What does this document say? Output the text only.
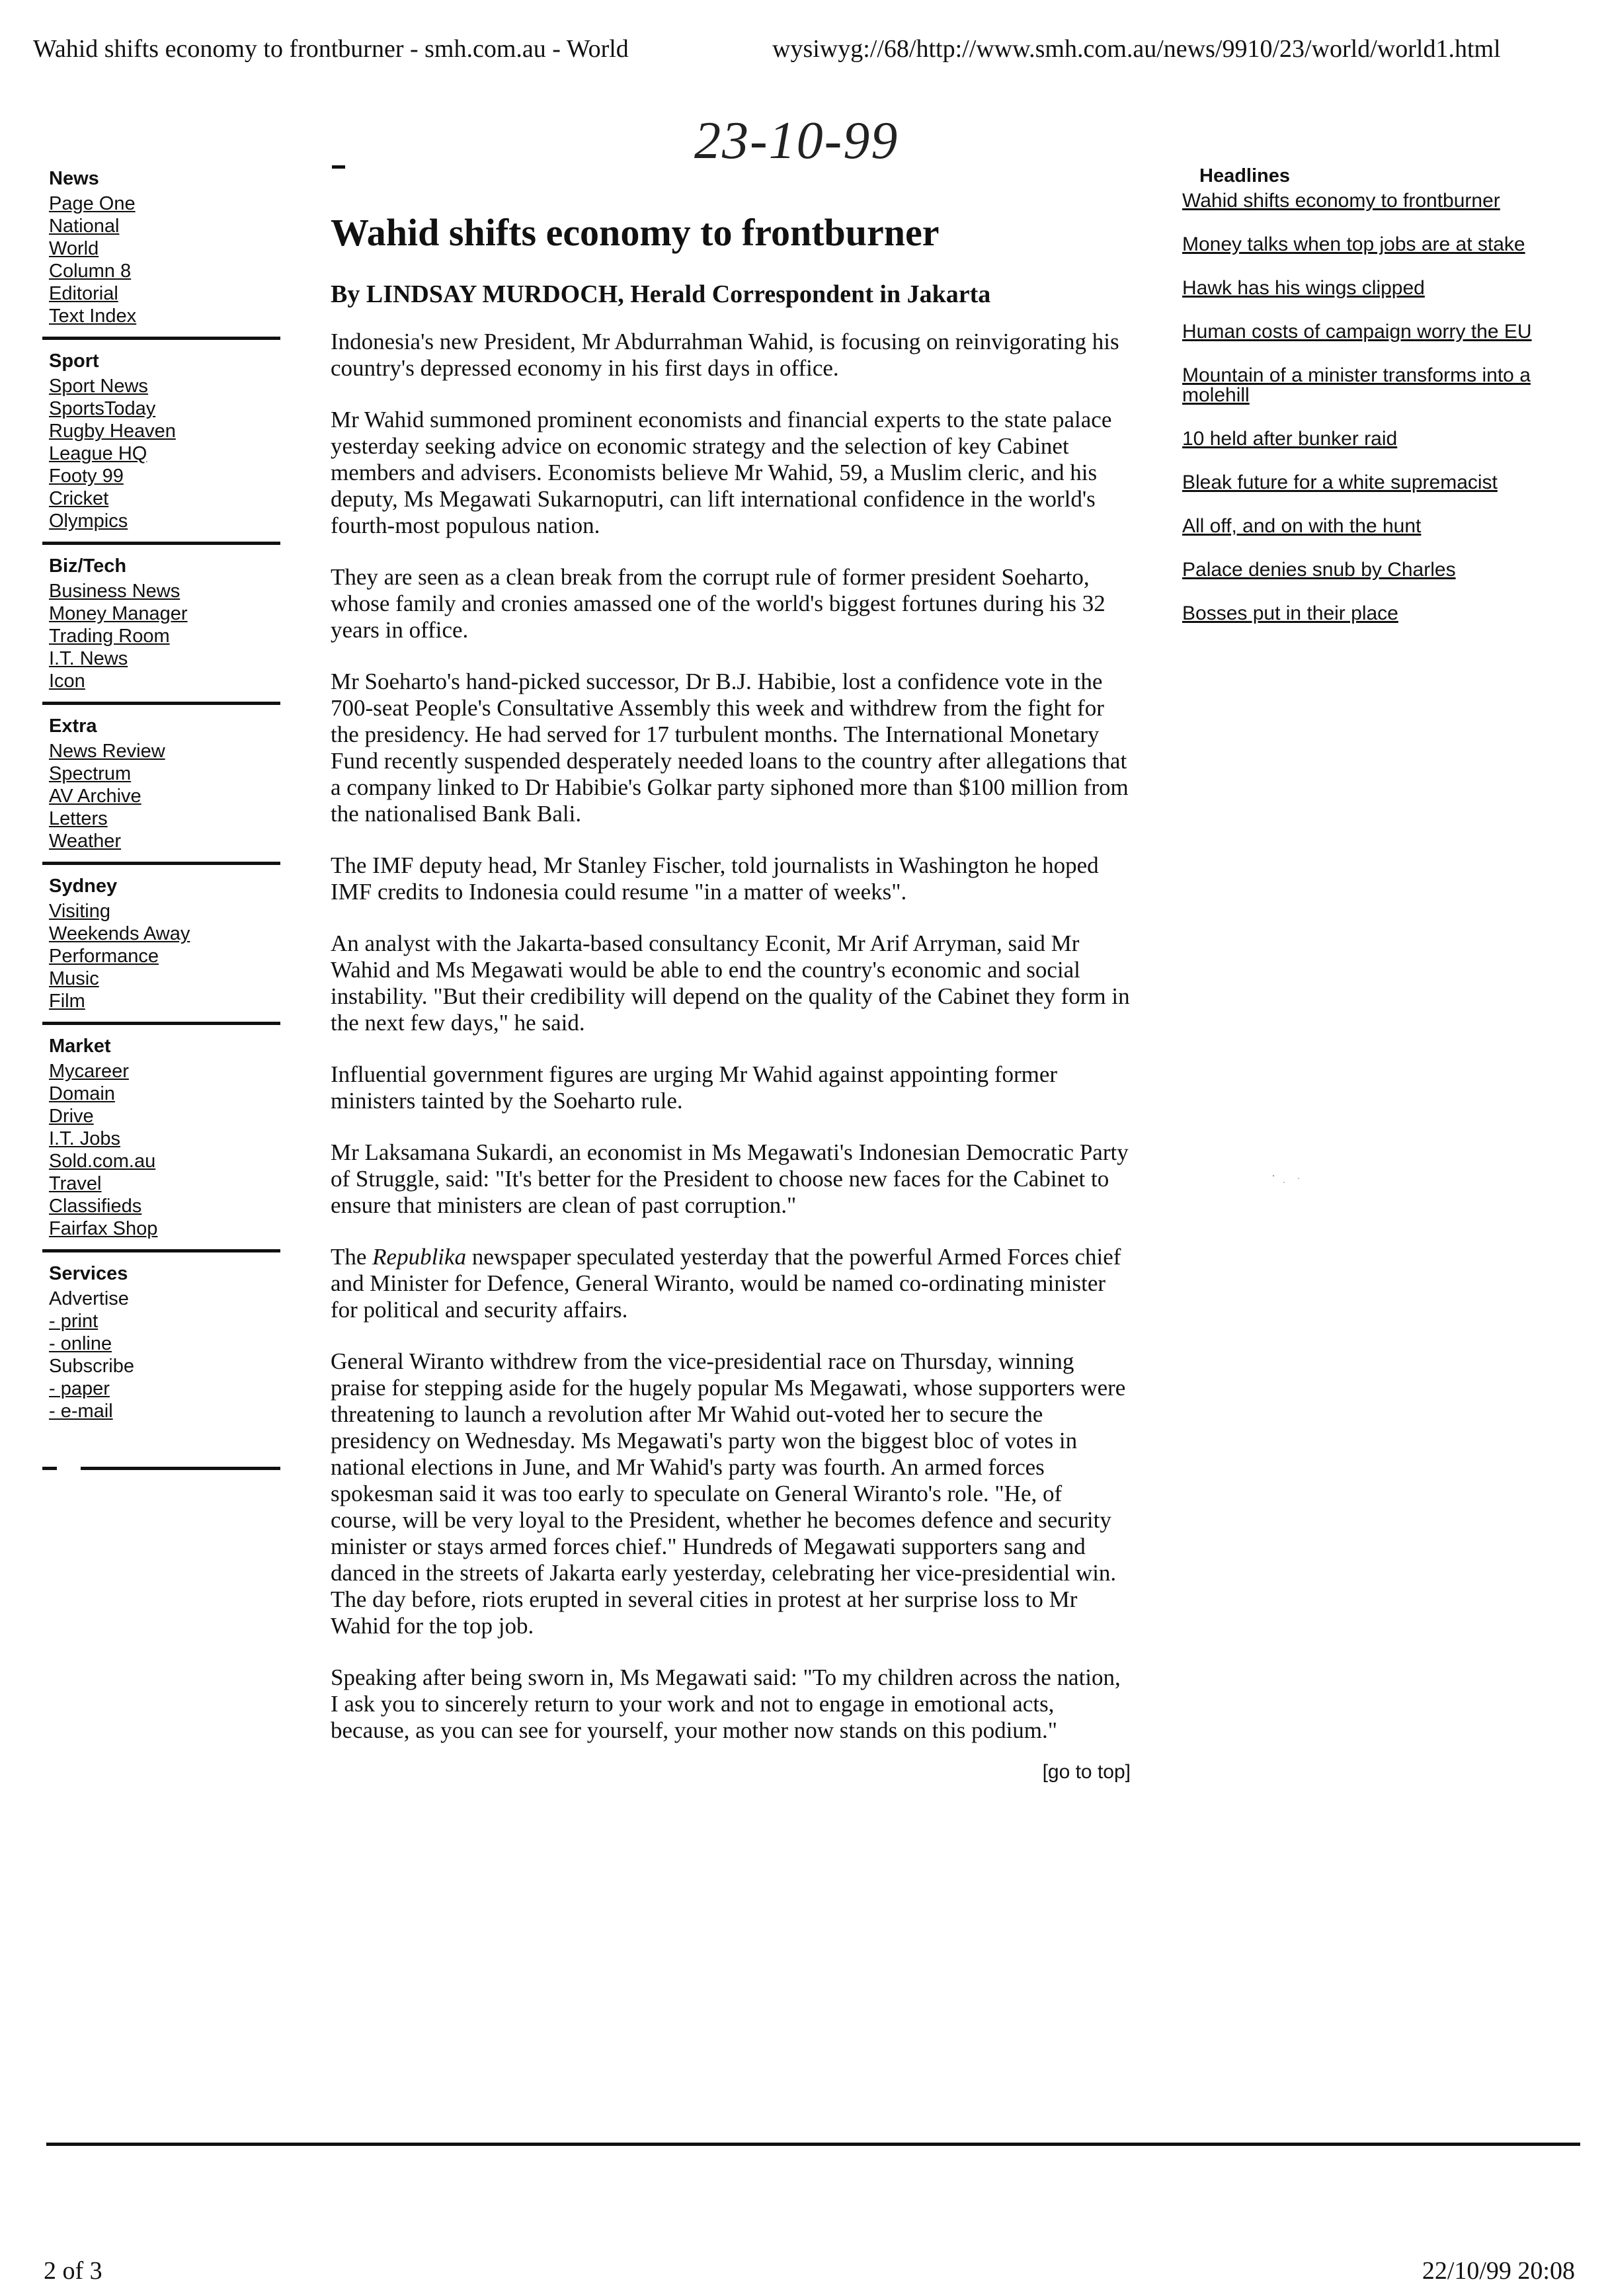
Wahid shifts economy to frontburner - smh.com.au - World	wysiwyg://68/http://www.smh.com.au/news/9910/23/world/world1.html
23-10-99
News
Page One
National
World
Column 8
Editorial
Text Index
Sport
Sport News
SportsToday
Rugby Heaven
League HQ
Footy 99
Cricket
Olympics
Biz/Tech
Business News
Money Manager
Trading Room
I.T. News
Icon
Extra
News Review
Spectrum
AV Archive
Letters
Weather
Sydney
Visiting
Weekends Away
Performance
Music
Film
Market
Mycareer
Domain
Drive
I.T. Jobs
Sold.com.au
Travel
Classifieds
Fairfax Shop
Services
Advertise
- print
- online
Subscribe
- paper
- e-mail
Wahid shifts economy to frontburner
By LINDSAY MURDOCH, Herald Correspondent in Jakarta

Indonesia's new President, Mr Abdurrahman Wahid, is focusing on reinvigorating his country's depressed economy in his first days in office.

Mr Wahid summoned prominent economists and financial experts to the state palace yesterday seeking advice on economic strategy and the selection of key Cabinet members and advisers. Economists believe Mr Wahid, 59, a Muslim cleric, and his deputy, Ms Megawati Sukarnoputri, can lift international confidence in the world's fourth-most populous nation.

They are seen as a clean break from the corrupt rule of former president Soeharto, whose family and cronies amassed one of the world's biggest fortunes during his 32 years in office.

Mr Soeharto's hand-picked successor, Dr B.J. Habibie, lost a confidence vote in the 700-seat People's Consultative Assembly this week and withdrew from the fight for the presidency. He had served for 17 turbulent months. The International Monetary Fund recently suspended desperately needed loans to the country after allegations that a company linked to Dr Habibie's Golkar party siphoned more than $100 million from the nationalised Bank Bali.

The IMF deputy head, Mr Stanley Fischer, told journalists in Washington he hoped IMF credits to Indonesia could resume "in a matter of weeks".

An analyst with the Jakarta-based consultancy Econit, Mr Arif Arryman, said Mr Wahid and Ms Megawati would be able to end the country's economic and social instability. "But their credibility will depend on the quality of the Cabinet they form in the next few days," he said.

Influential government figures are urging Mr Wahid against appointing former ministers tainted by the Soeharto rule.

Mr Laksamana Sukardi, an economist in Ms Megawati's Indonesian Democratic Party of Struggle, said: "It's better for the President to choose new faces for the Cabinet to ensure that ministers are clean of past corruption."

The Republika newspaper speculated yesterday that the powerful Armed Forces chief and Minister for Defence, General Wiranto, would be named co-ordinating minister for political and security affairs.

General Wiranto withdrew from the vice-presidential race on Thursday, winning praise for stepping aside for the hugely popular Ms Megawati, whose supporters were threatening to launch a revolution after Mr Wahid out-voted her to secure the presidency on Wednesday. Ms Megawati's party won the biggest bloc of votes in national elections in June, and Mr Wahid's party was fourth. An armed forces spokesman said it was too early to speculate on General Wiranto's role. "He, of course, will be very loyal to the President, whether he becomes defence and security minister or stays armed forces chief." Hundreds of Megawati supporters sang and danced in the streets of Jakarta early yesterday, celebrating her vice-presidential win. The day before, riots erupted in several cities in protest at her surprise loss to Mr Wahid for the top job.

Speaking after being sworn in, Ms Megawati said: "To my children across the nation, I ask you to sincerely return to your work and not to engage in emotional acts, because, as you can see for yourself, your mother now stands on this podium."

[go to top]
Headlines
Wahid shifts economy to frontburner
Money talks when top jobs are at stake
Hawk has his wings clipped
Human costs of campaign worry the EU
Mountain of a minister transforms into a molehill
10 held after bunker raid
Bleak future for a white supremacist
All off, and on with the hunt
Palace denies snub by Charles
Bosses put in their place
2 of 3	22/10/99 20:08
